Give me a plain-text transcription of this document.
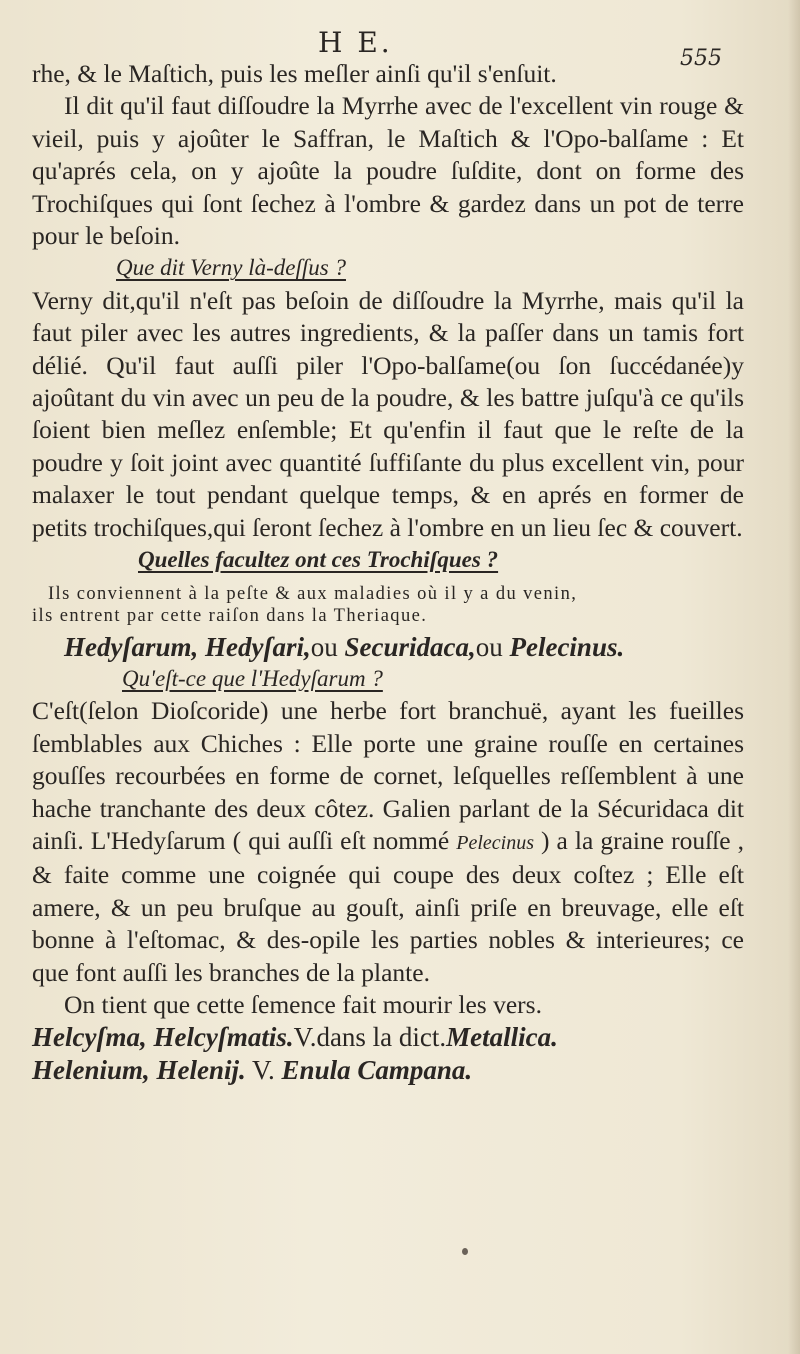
H E.	555

rhe, & le Maſtich, puis les meſler ainſi qu'il s'enſuit.

Il dit qu'il faut diſſoudre la Myrrhe avec de l'excellent vin rouge & vieil, puis y ajoûter le Saffran, le Maſtich & l'Opo-balſame : Et qu'aprés cela, on y ajoûte la poudre ſuſdite, dont on forme des Trochiſques qui ſont ſechez à l'ombre & gardez dans un pot de terre pour le beſoin.

Que dit Verny là-deſſus ?

Verny dit,qu'il n'eſt pas beſoin de diſſoudre la Myrrhe, mais qu'il la faut piler avec les autres ingredients, & la paſſer dans un tamis fort délié. Qu'il faut auſſi piler l'Opo-balſame(ou ſon ſuccédanée)y ajoûtant du vin avec un peu de la poudre, & les battre juſqu'à ce qu'ils ſoient bien meſlez enſemble; Et qu'enfin il faut que le reſte de la poudre y ſoit joint avec quantité ſuffiſante du plus excellent vin, pour malaxer le tout pendant quelque temps, & en aprés en former de petits trochiſques,qui ſeront ſechez à l'ombre en un lieu ſec & couvert.

Quelles facultez ont ces Trochiſques ?

Ils conviennent à la peſte & aux maladies où il y a du venin,
ils entrent par cette raiſon dans la Theriaque.

Hedyſarum, Hedyſari,ou Securidaca,ou Pelecinus.

Qu'eſt-ce que l'Hedyſarum ?

C'eſt(ſelon Dioſcoride) une herbe fort branchuë, ayant les fueilles ſemblables aux Chiches : Elle porte une graine rouſſe en certaines gouſſes recourbées en forme de cornet, leſquelles reſſemblent à une hache tranchante des deux côtez. Galien parlant de la Sécuridaca dit ainſi. L'Hedyſarum ( qui auſſi eſt nommé Pelecinus ) a la graine rouſſe , & faite comme une coignée qui coupe des deux coſtez ; Elle eſt amere, & un peu bruſque au gouſt, ainſi priſe en breuvage, elle eſt bonne à l'eſtomac, & des-opile les parties nobles & interieures; ce que font auſſi les branches de la plante.

On tient que cette ſemence fait mourir les vers.

Helcyſma, Helcyſmatis.V.dans la dict.Metallica.

Helenium, Helenij. V. Enula Campana.
